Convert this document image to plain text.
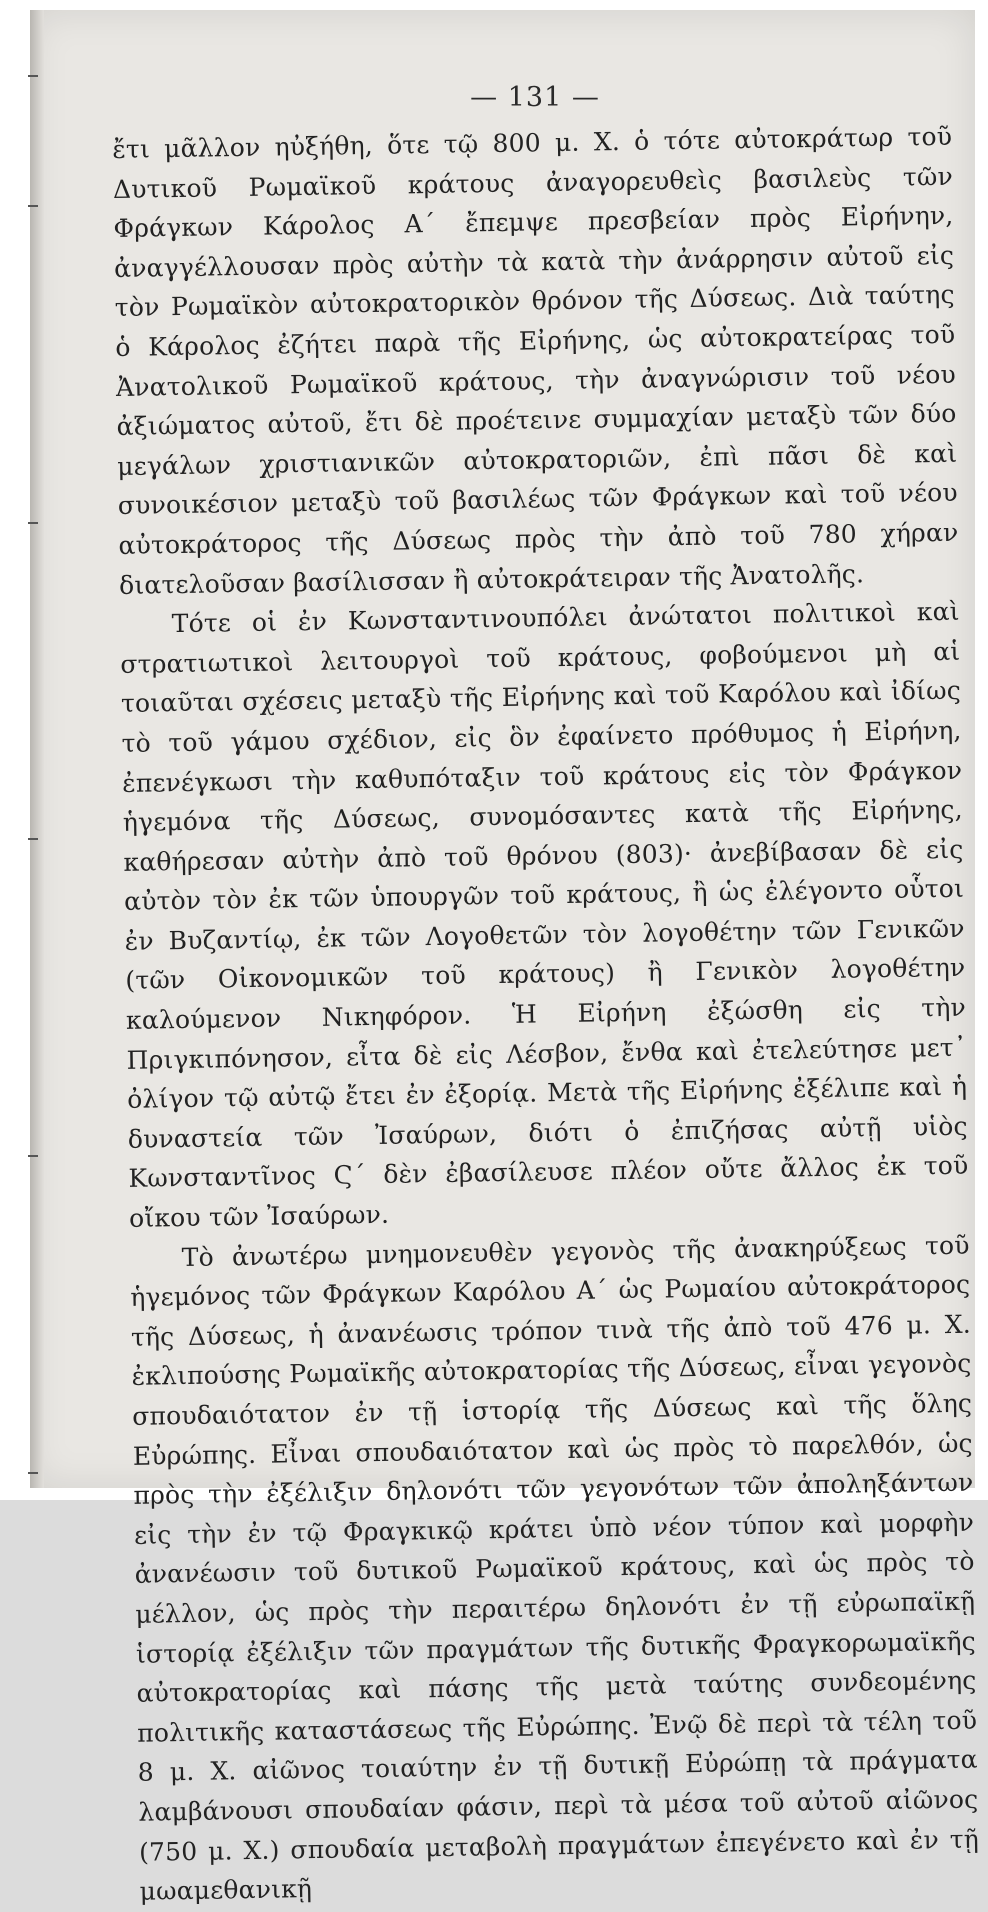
— 131 —

ἔτι μᾶλλον ηὐξήθη, ὅτε τῷ 800 μ. Χ. ὁ τότε αὐτοκράτωρ τοῦ Δυτικοῦ Ρωμαϊκοῦ κράτους ἀναγορευθεὶς βασιλεὺς τῶν Φράγκων Κάρολος Α΄ ἔπεμψε πρεσβείαν πρὸς Εἰρήνην, ἀναγγέλλουσαν πρὸς αὐτὴν τὰ κατὰ τὴν ἀνάρρησιν αὐτοῦ εἰς τὸν Ρωμαϊκὸν αὐτοκρατορικὸν θρόνον τῆς Δύσεως. Διὰ ταύτης ὁ Κάρολος ἐζήτει παρὰ τῆς Εἰρήνης, ὡς αὐτοκρατείρας τοῦ Ἀνατολικοῦ Ρωμαϊκοῦ κράτους, τὴν ἀναγνώρισιν τοῦ νέου ἀξιώματος αὐτοῦ, ἔτι δὲ προέτεινε συμμαχίαν μεταξὺ τῶν δύο μεγάλων χριστιανικῶν αὐτοκρατοριῶν, ἐπὶ πᾶσι δὲ καὶ συνοικέσιον μεταξὺ τοῦ βασιλέως τῶν Φράγκων καὶ τοῦ νέου αὐτοκράτορος τῆς Δύσεως πρὸς τὴν ἀπὸ τοῦ 780 χήραν διατελοῦσαν βασίλισσαν ἢ αὐτοκράτειραν τῆς Ἀνατολῆς.

Τότε οἱ ἐν Κωνσταντινουπόλει ἀνώτατοι πολιτικοὶ καὶ στρατιωτικοὶ λειτουργοὶ τοῦ κράτους, φοβούμενοι μὴ αἱ τοιαῦται σχέσεις μεταξὺ τῆς Εἰρήνης καὶ τοῦ Καρόλου καὶ ἰδίως τὸ τοῦ γάμου σχέδιον, εἰς ὃν ἐφαίνετο πρόθυμος ἡ Εἰρήνη, ἐπενέγκωσι τὴν καθυπόταξιν τοῦ κράτους εἰς τὸν Φράγκον ἡγεμόνα τῆς Δύσεως, συνομόσαντες κατὰ τῆς Εἰρήνης, καθήρεσαν αὐτὴν ἀπὸ τοῦ θρόνου (803)· ἀνεβίβασαν δὲ εἰς αὐτὸν τὸν ἐκ τῶν ὑπουργῶν τοῦ κράτους, ἢ ὡς ἐλέγοντο οὗτοι ἐν Βυζαντίῳ, ἐκ τῶν Λογοθετῶν τὸν λογοθέτην τῶν Γενικῶν (τῶν Οἰκονομικῶν τοῦ κράτους) ἢ Γενικὸν λογοθέτην καλούμενον Νικηφόρον. Ἡ Εἰρήνη ἐξώσθη εἰς τὴν Πριγκιπόνησον, εἶτα δὲ εἰς Λέσβον, ἔνθα καὶ ἐτελεύτησε μετ᾽ ὀλίγον τῷ αὐτῷ ἔτει ἐν ἐξορίᾳ. Μετὰ τῆς Εἰρήνης ἐξέλιπε καὶ ἡ δυναστεία τῶν Ἰσαύρων, διότι ὁ ἐπιζήσας αὐτῇ υἱὸς Κωνσταντῖνος Ϛ΄ δὲν ἐβασίλευσε πλέον οὔτε ἄλλος ἐκ τοῦ οἴκου τῶν Ἰσαύρων.

Τὸ ἀνωτέρω μνημονευθὲν γεγονὸς τῆς ἀνακηρύξεως τοῦ ἡγεμόνος τῶν Φράγκων Καρόλου Α΄ ὡς Ρωμαίου αὐτοκράτορος τῆς Δύσεως, ἡ ἀνανέωσις τρόπον τινὰ τῆς ἀπὸ τοῦ 476 μ. Χ. ἐκλιπούσης Ρωμαϊκῆς αὐτοκρατορίας τῆς Δύσεως, εἶναι γεγονὸς σπουδαιότατον ἐν τῇ ἱστορίᾳ τῆς Δύσεως καὶ τῆς ὅλης Εὐρώπης. Εἶναι σπουδαιότατον καὶ ὡς πρὸς τὸ παρελθόν, ὡς πρὸς τὴν ἐξέλιξιν δηλονότι τῶν γεγονότων τῶν ἀποληξάντων εἰς τὴν ἐν τῷ Φραγκικῷ κράτει ὑπὸ νέον τύπον καὶ μορφὴν ἀνανέωσιν τοῦ δυτικοῦ Ρωμαϊκοῦ κράτους, καὶ ὡς πρὸς τὸ μέλλον, ὡς πρὸς τὴν περαιτέρω δηλονότι ἐν τῇ εὐρωπαϊκῇ ἱστορίᾳ ἐξέλιξιν τῶν πραγμάτων τῆς δυτικῆς Φραγκορωμαϊκῆς αὐτοκρατορίας καὶ πάσης τῆς μετὰ ταύτης συνδεομένης πολιτικῆς καταστάσεως τῆς Εὐρώπης. Ἐνῷ δὲ περὶ τὰ τέλη τοῦ 8 μ. Χ. αἰῶνος τοιαύτην ἐν τῇ δυτικῇ Εὐρώπῃ τὰ πράγματα λαμβάνουσι σπουδαίαν φάσιν, περὶ τὰ μέσα τοῦ αὐτοῦ αἰῶνος (750 μ. Χ.) σπουδαία μεταβολὴ πραγμάτων ἐπεγένετο καὶ ἐν τῇ μωαμεθανικῇ
